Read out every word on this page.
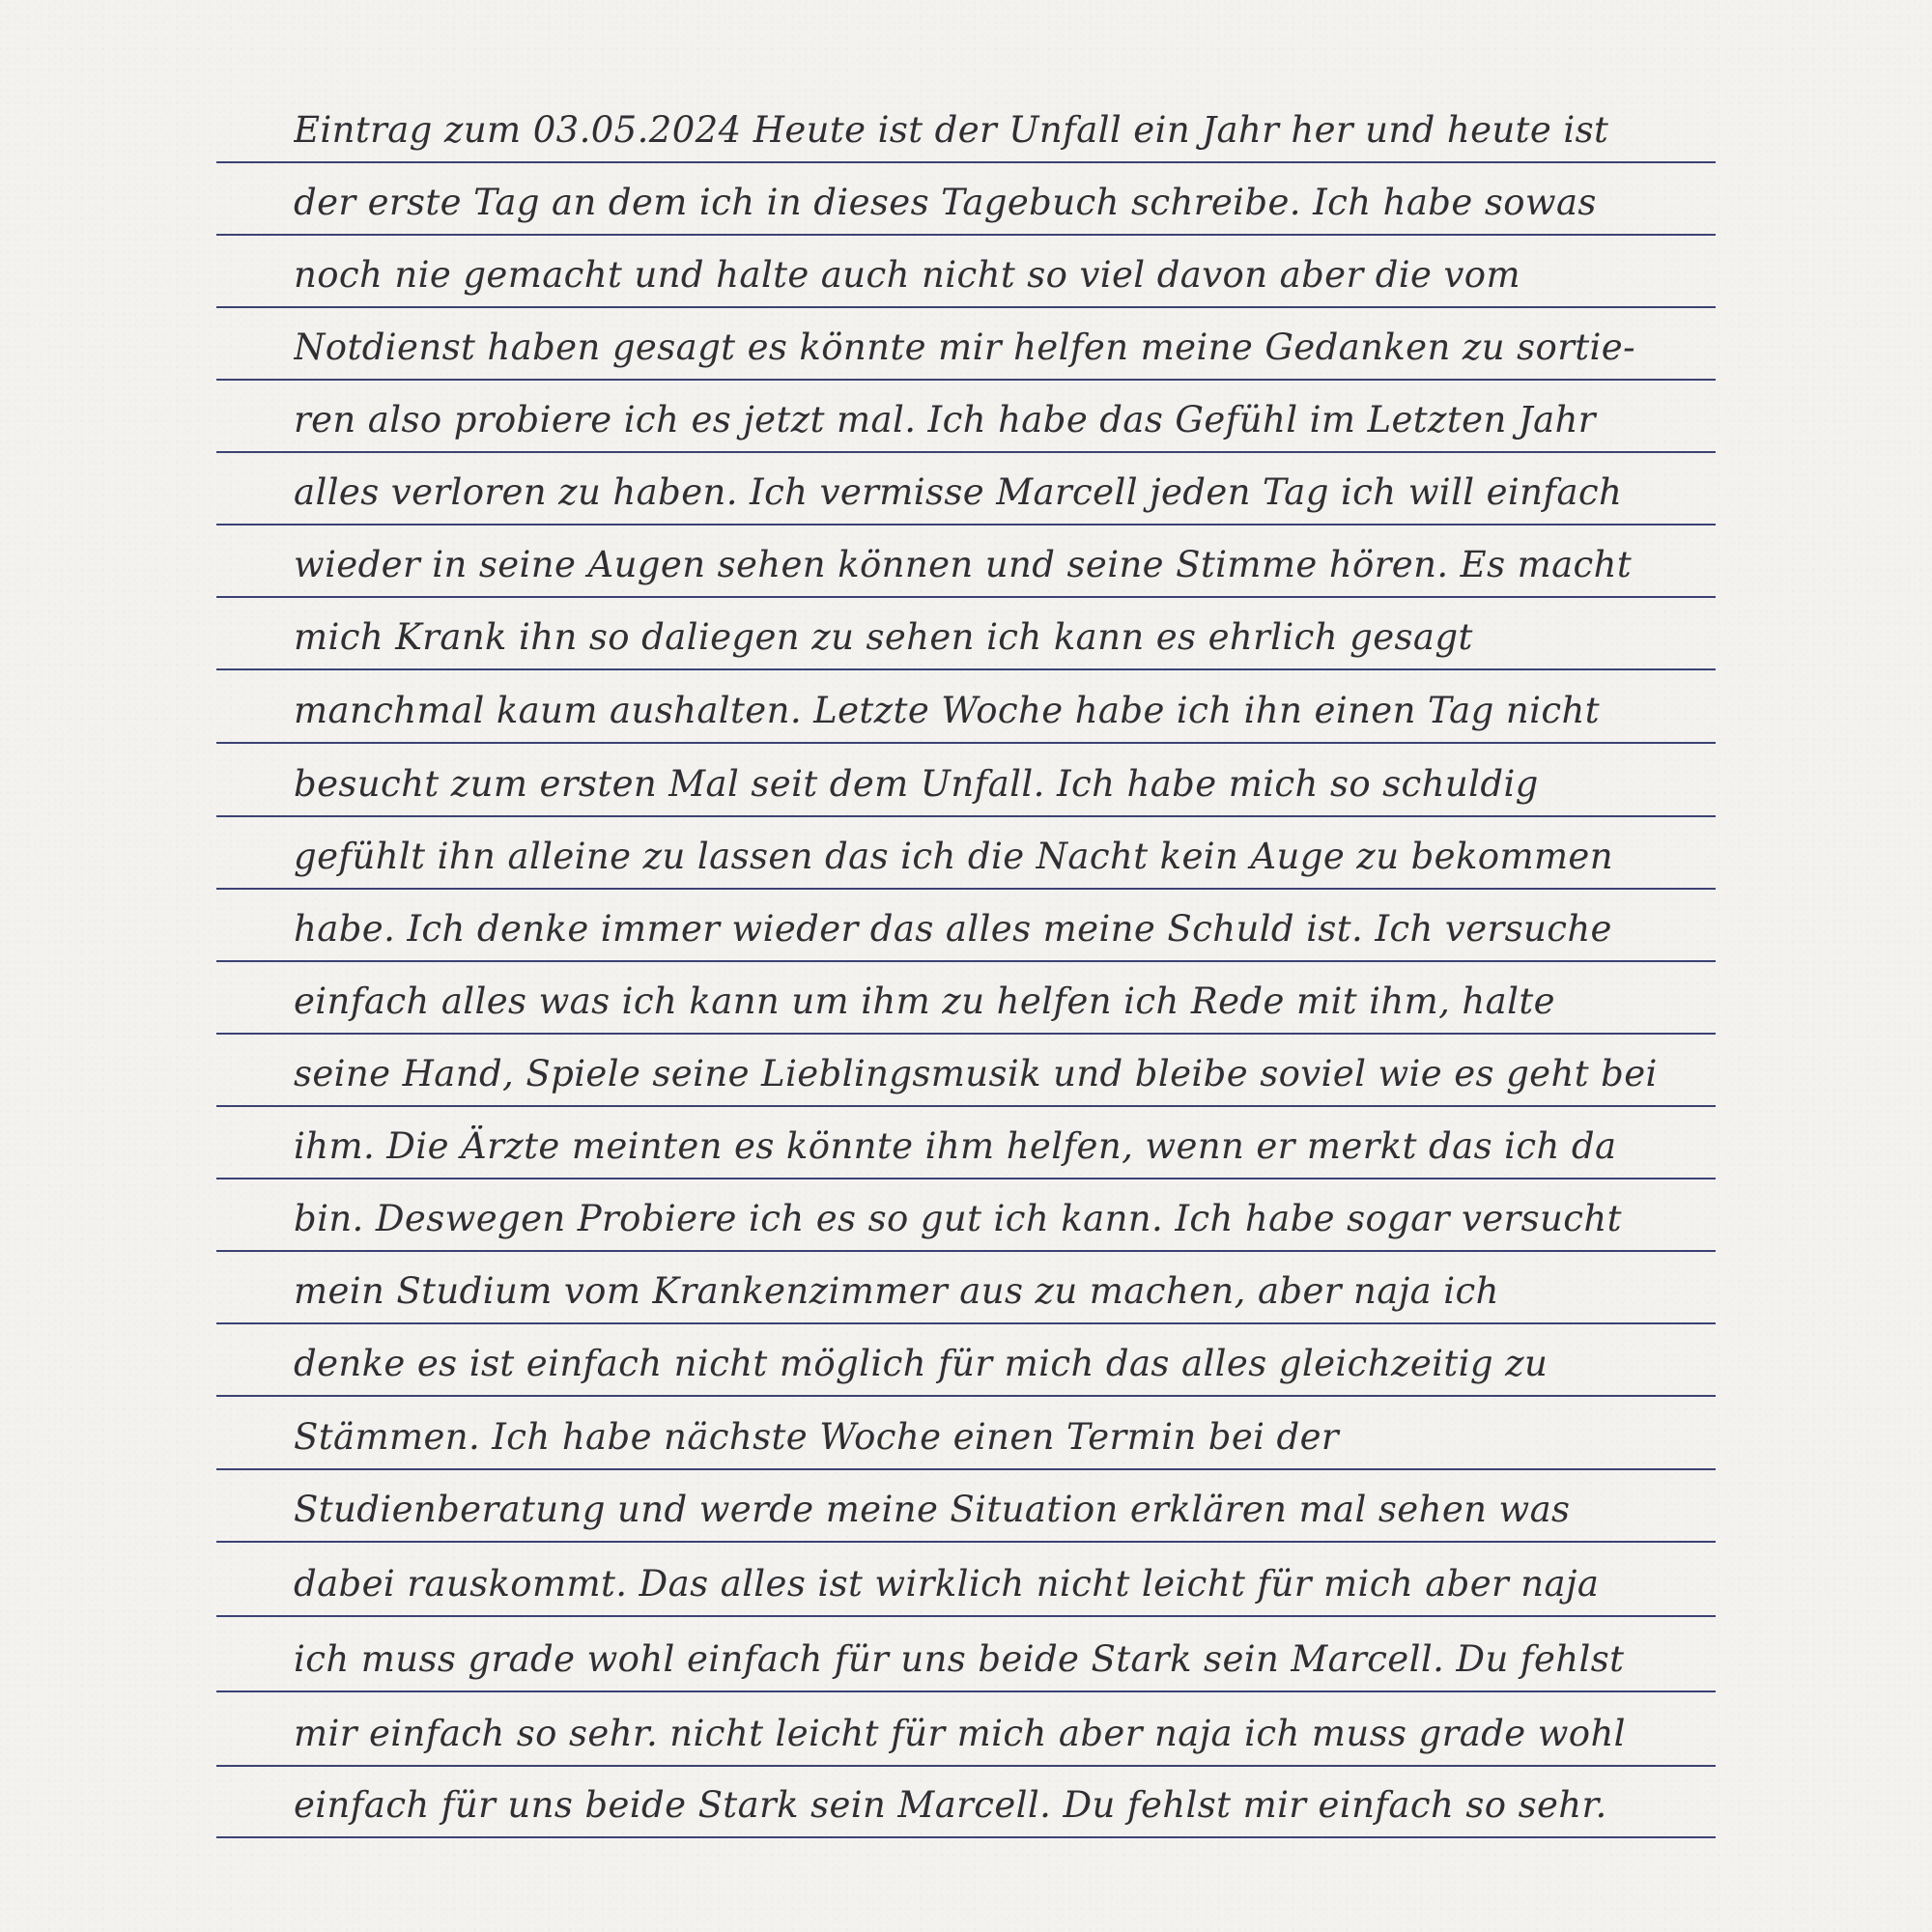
Eintrag zum 03.05.2024 Heute ist der Unfall ein Jahr her und heute ist
der erste Tag an dem ich in dieses Tagebuch schreibe. Ich habe sowas
noch nie gemacht und halte auch nicht so viel davon aber die vom
Notdienst haben gesagt es könnte mir helfen meine Gedanken zu sortie-
ren also probiere ich es jetzt mal. Ich habe das Gefühl im Letzten Jahr
alles verloren zu haben. Ich vermisse Marcell jeden Tag ich will einfach
wieder in seine Augen sehen können und seine Stimme hören. Es macht
mich Krank ihn so daliegen zu sehen ich kann es ehrlich gesagt
manchmal kaum aushalten. Letzte Woche habe ich ihn einen Tag nicht
besucht zum ersten Mal seit dem Unfall. Ich habe mich so schuldig
gefühlt ihn alleine zu lassen das ich die Nacht kein Auge zu bekommen
habe. Ich denke immer wieder das alles meine Schuld ist. Ich versuche
einfach alles was ich kann um ihm zu helfen ich Rede mit ihm, halte
seine Hand, Spiele seine Lieblingsmusik und bleibe soviel wie es geht bei
ihm. Die Ärzte meinten es könnte ihm helfen, wenn er merkt das ich da
bin. Deswegen Probiere ich es so gut ich kann. Ich habe sogar versucht
mein Studium vom Krankenzimmer aus zu machen, aber naja ich
denke es ist einfach nicht möglich für mich das alles gleichzeitig zu
Stämmen. Ich habe nächste Woche einen Termin bei der
Studienberatung und werde meine Situation erklären mal sehen was
dabei rauskommt. Das alles ist wirklich nicht leicht für mich aber naja
ich muss grade wohl einfach für uns beide Stark sein Marcell. Du fehlst
mir einfach so sehr. nicht leicht für mich aber naja ich muss grade wohl
einfach für uns beide Stark sein Marcell. Du fehlst mir einfach so sehr.
